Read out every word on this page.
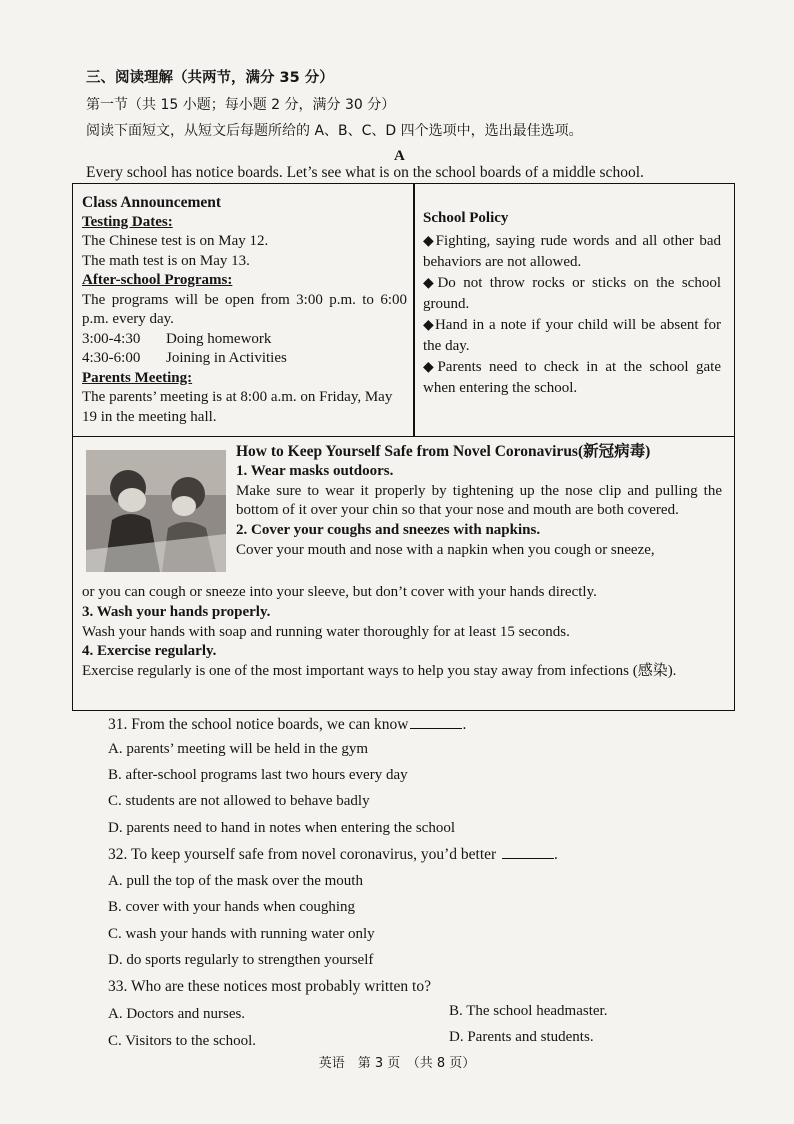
三、阅读理解（共两节，满分 35 分）
第一节（共 15 小题；每小题 2 分，满分 30 分）
阅读下面短文，从短文后每题所给的 A、B、C、D 四个选项中，选出最佳选项。
A
Every school has notice boards. Let’s see what is on the school boards of a middle school.
Class Announcement
Testing Dates:
The Chinese test is on May 12.
The math test is on May 13.
After-school Programs:
The programs will be open from 3:00 p.m. to 6:00 p.m. every day.
3:00-4:30 Doing homework
4:30-6:00 Joining in Activities
Parents Meeting:
The parents’ meeting is at 8:00 a.m. on Friday, May 19 in the meeting hall.
School Policy

◆Fighting, saying rude words and all other bad behaviors are not allowed.

◆Do not throw rocks or sticks on the school ground.

◆Hand in a note if your child will be absent for the day.

◆Parents need to check in at the school gate when entering the school.

How to Keep Yourself Safe from Novel Coronavirus(新冠病毒)
1. Wear masks outdoors.

Make sure to wear it properly by tightening up the nose clip and pulling the bottom of it over your chin so that your nose and mouth are both covered.

2. Cover your coughs and sneezes with napkins.

Cover your mouth and nose with a napkin when you cough or sneeze,

or you can cough or sneeze into your sleeve, but don’t cover with your hands directly.

3. Wash your hands properly.

Wash your hands with soap and running water thoroughly for at least 15 seconds.

4. Exercise regularly.

Exercise regularly is one of the most important ways to help you stay away from infections (感染).

31. From the school notice boards, we can know	.
A. parents’ meeting will be held in the gym
B. after-school programs last two hours every day
C. students are not allowed to behave badly
D. parents need to hand in notes when entering the school
32. To keep yourself safe from novel coronavirus, you’d better	.
A. pull the top of the mask over the mouth
B. cover with your hands when coughing
C. wash your hands with running water only
D. do sports regularly to strengthen yourself
33. Who are these notices most probably written to?
A. Doctors and nurses.	B. The school headmaster.
C. Visitors to the school.	D. Parents and students.
英语　第 3 页　（共 8 页）
